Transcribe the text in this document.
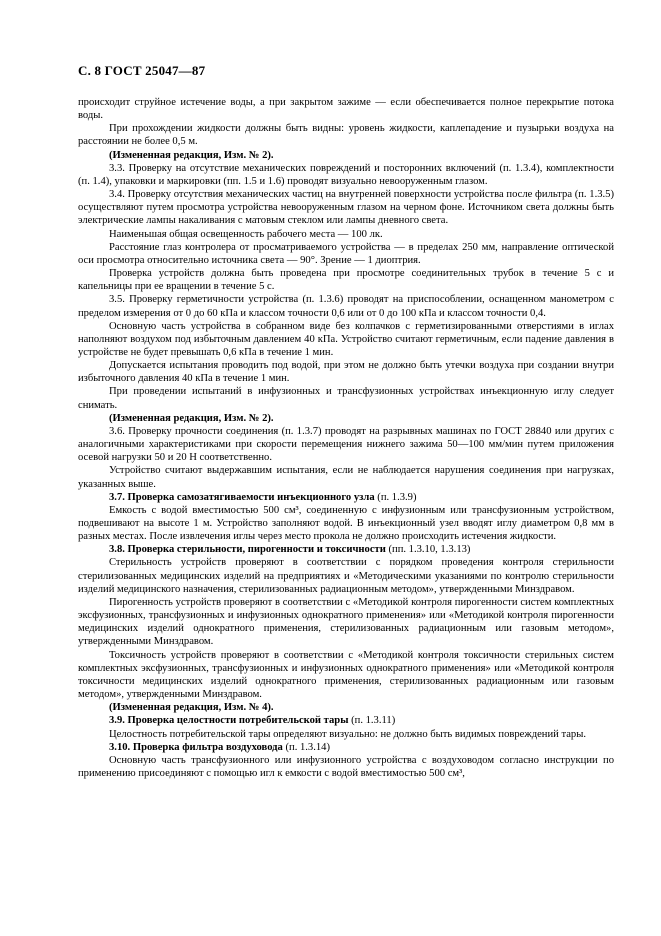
С. 8 ГОСТ 25047—87

происходит струйное истечение воды, а при закрытом зажиме — если обеспечивается полное перекрытие потока воды.

При прохождении жидкости должны быть видны: уровень жидкости, каплепадение и пузырьки воздуха на расстоянии не более 0,5 м.

(Измененная редакция, Изм. № 2).

3.3. Проверку на отсутствие механических повреждений и посторонних включений (п. 1.3.4), комплектности (п. 1.4), упаковки и маркировки (пп. 1.5 и 1.6) проводят визуально невооруженным глазом.

3.4. Проверку отсутствия механических частиц на внутренней поверхности устройства после фильтра (п. 1.3.5) осуществляют путем просмотра устройства невооруженным глазом на черном фоне. Источником света должны быть электрические лампы накаливания с матовым стеклом или лампы дневного света.

Наименьшая общая освещенность рабочего места — 100 лк.

Расстояние глаз контролера от просматриваемого устройства — в пределах 250 мм, направление оптической оси просмотра относительно источника света — 90°. Зрение — 1 диоптрия.

Проверка устройств должна быть проведена при просмотре соединительных трубок в течение 5 с и капельницы при ее вращении в течение 5 с.

3.5. Проверку герметичности устройства (п. 1.3.6) проводят на приспособлении, оснащенном манометром с пределом измерения от 0 до 60 кПа и классом точности 0,6 или от 0 до 100 кПа и классом точности 0,4.

Основную часть устройства в собранном виде без колпачков с герметизированными отверстиями в иглах наполняют воздухом под избыточным давлением 40 кПа. Устройство считают герметичным, если падение давления в устройстве не будет превышать 0,6 кПа в течение 1 мин.

Допускается испытания проводить под водой, при этом не должно быть утечки воздуха при создании внутри избыточного давления 40 кПа в течение 1 мин.

При проведении испытаний в инфузионных и трансфузионных устройствах инъекционную иглу следует снимать.

(Измененная редакция, Изм. № 2).

3.6. Проверку прочности соединения (п. 1.3.7) проводят на разрывных машинах по ГОСТ 28840 или других с аналогичными характеристиками при скорости перемещения нижнего зажима 50—100 мм/мин путем приложения осевой нагрузки 50 и 20 Н соответственно.

Устройство считают выдержавшим испытания, если не наблюдается нарушения соединения при нагрузках, указанных выше.

3.7. Проверка самозатягиваемости инъекционного узла (п. 1.3.9)

Емкость с водой вместимостью 500 см³, соединенную с инфузионным или трансфузионным устройством, подвешивают на высоте 1 м. Устройство заполняют водой. В инъекционный узел вводят иглу диаметром 0,8 мм в разных местах. После извлечения иглы через место прокола не должно происходить истечения жидкости.

3.8. Проверка стерильности, пирогенности и токсичности (пп. 1.3.10, 1.3.13)

Стерильность устройств проверяют в соответствии с порядком проведения контроля стерильности стерилизованных медицинских изделий на предприятиях и «Методическими указаниями по контролю стерильности изделий медицинского назначения, стерилизованных радиационным методом», утвержденными Минздравом.

Пирогенность устройств проверяют в соответствии с «Методикой контроля пирогенности систем комплектных эксфузионных, трансфузионных и инфузионных однократного применения» или «Методикой контроля пирогенности медицинских изделий однократного применения, стерилизованных радиационным или газовым методом», утвержденными Минздравом.

Токсичность устройств проверяют в соответствии с «Методикой контроля токсичности стерильных систем комплектных эксфузионных, трансфузионных и инфузионных однократного применения» или «Методикой контроля токсичности медицинских изделий однократного применения, стерилизованных радиационным или газовым методом», утвержденными Минздравом.

(Измененная редакция, Изм. № 4).

3.9. Проверка целостности потребительской тары (п. 1.3.11)

Целостность потребительской тары определяют визуально: не должно быть видимых повреждений тары.

3.10. Проверка фильтра воздуховода (п. 1.3.14)

Основную часть трансфузионного или инфузионного устройства с воздуховодом согласно инструкции по применению присоединяют с помощью игл к емкости с водой вместимостью 500 см³,
